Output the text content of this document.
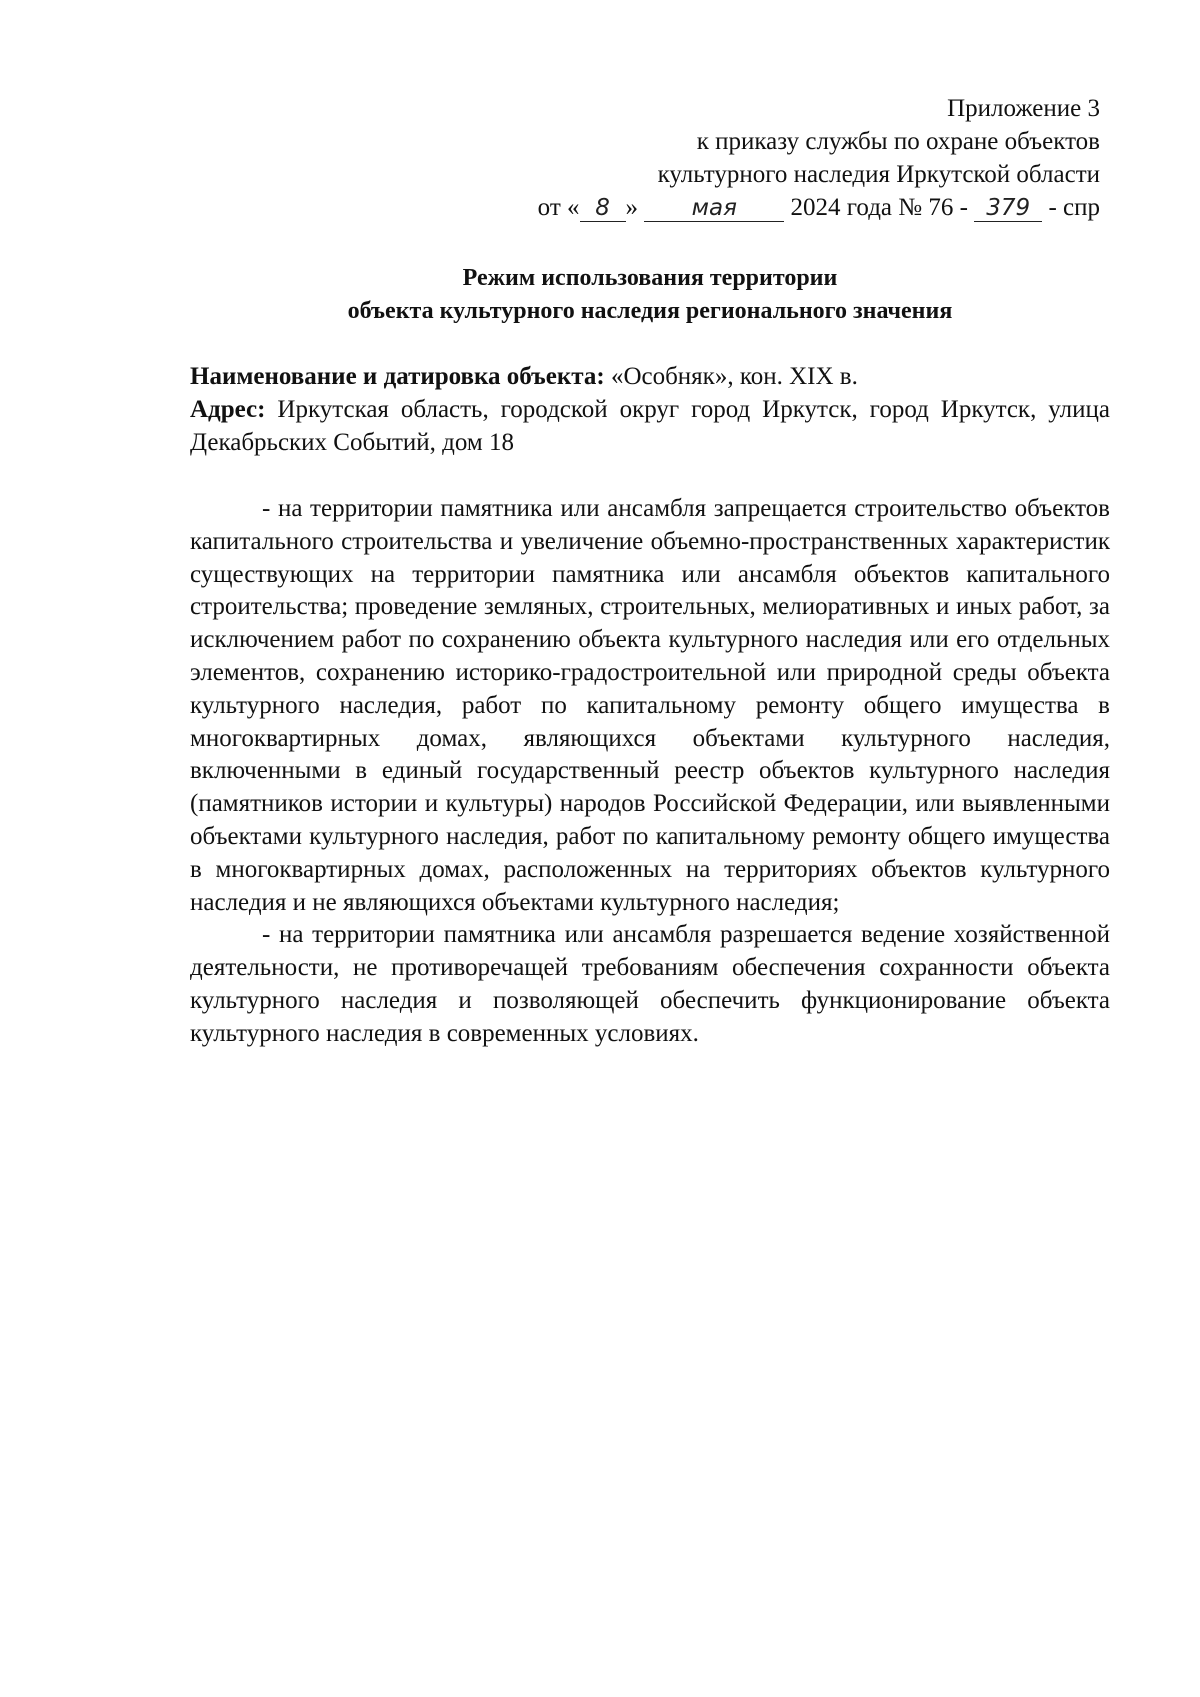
Приложение 3
к приказу службы по охране объектов
культурного наследия Иркутской области
от « 8 » мая 2024 года № 76 - 379 - спр
Режим использования территории
объекта культурного наследия регионального значения

Наименование и датировка объекта: «Особняк», кон. XIX в.

Адрес: Иркутская область, городской округ город Иркутск, город Иркутск, улица Декабрьских Событий, дом 18

- на территории памятника или ансамбля запрещается строительство объектов капитального строительства и увеличение объемно-пространственных характеристик существующих на территории памятника или ансамбля объектов капитального строительства; проведение земляных, строительных, мелиоративных и иных работ, за исключением работ по сохранению объекта культурного наследия или его отдельных элементов, сохранению историко-градостроительной или природной среды объекта культурного наследия, работ по капитальному ремонту общего имущества в многоквартирных домах, являющихся объектами культурного наследия, включенными в единый государственный реестр объектов культурного наследия (памятников истории и культуры) народов Российской Федерации, или выявленными объектами культурного наследия, работ по капитальному ремонту общего имущества в многоквартирных домах, расположенных на территориях объектов культурного наследия и не являющихся объектами культурного наследия;

- на территории памятника или ансамбля разрешается ведение хозяйственной деятельности, не противоречащей требованиям обеспечения сохранности объекта культурного наследия и позволяющей обеспечить функционирование объекта культурного наследия в современных условиях.
